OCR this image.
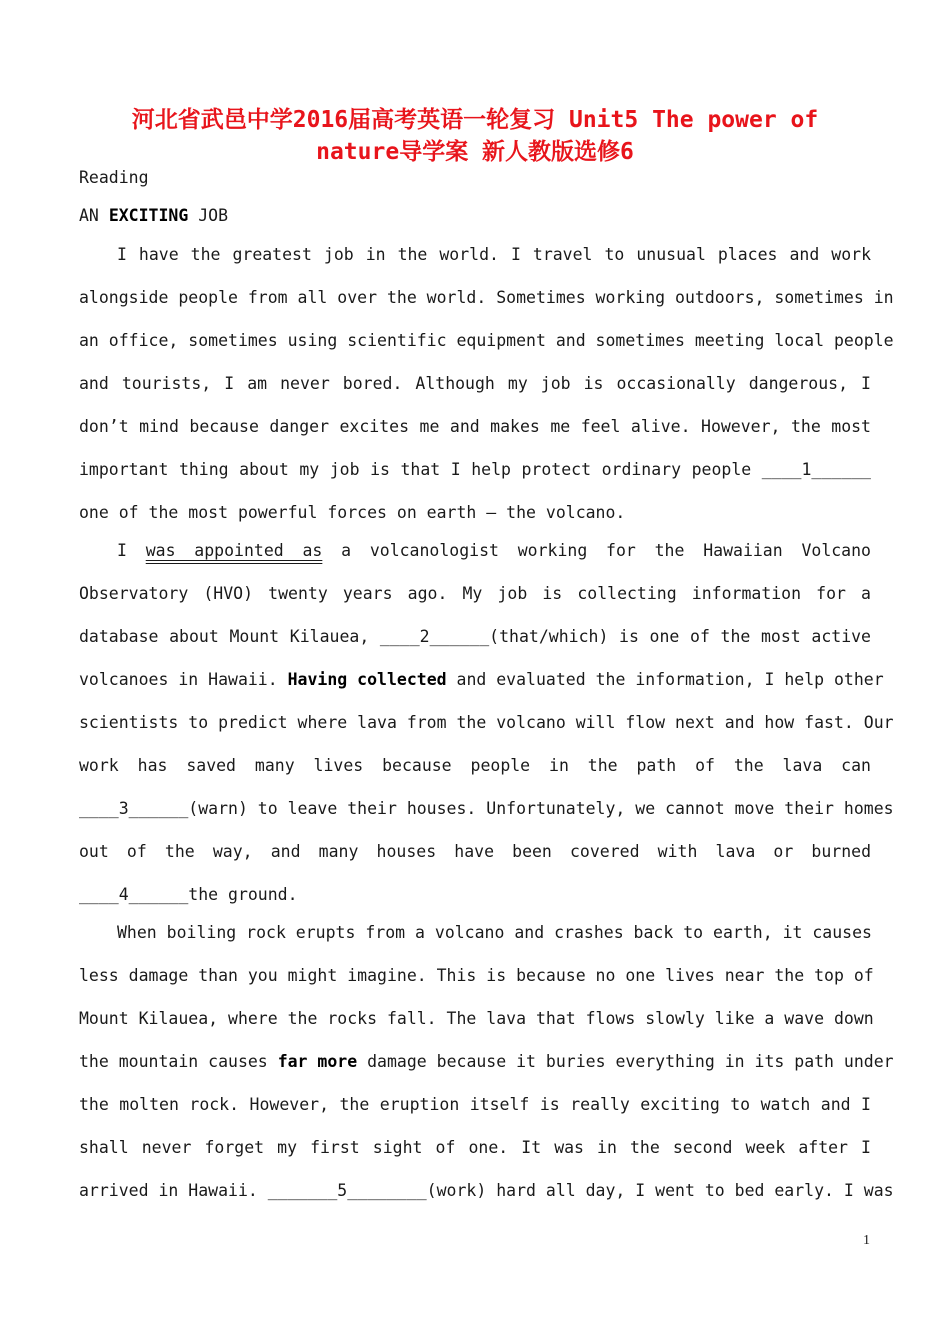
河北省武邑中学2016届高考英语一轮复习 Unit5 The power of
nature导学案 新人教版选修6
Reading
AN EXCITING JOB
I have the greatest job in the world. I travel to unusual places and work
alongside people from all over the world. Sometimes working outdoors, sometimes in
an office, sometimes using scientific equipment and sometimes meeting local people
and tourists, I am never bored. Although my job is occasionally dangerous, I
don’t mind because danger excites me and makes me feel alive. However, the most
important thing about my job is that I help protect ordinary people ____1______
one of the most powerful forces on earth — the volcano.
I was appointed as a volcanologist working for the Hawaiian Volcano
Observatory (HVO) twenty years ago. My job is collecting information for a
database about Mount Kilauea, ____2______(that/which) is one of the most active
volcanoes in Hawaii. Having collected and evaluated the information, I help other
scientists to predict where lava from the volcano will flow next and how fast. Our
work has saved many lives because people in the path of the lava can
____3______(warn) to leave their houses. Unfortunately, we cannot move their homes
out of the way, and many houses have been covered with lava or burned
____4______the ground.
When boiling rock erupts from a volcano and crashes back to earth, it causes
less damage than you might imagine. This is because no one lives near the top of
Mount Kilauea, where the rocks fall. The lava that flows slowly like a wave down
the mountain causes far more damage because it buries everything in its path under
the molten rock. However, the eruption itself is really exciting to watch and I
shall never forget my first sight of one. It was in the second week after I
arrived in Hawaii. _______5________(work) hard all day, I went to bed early. I was
1
